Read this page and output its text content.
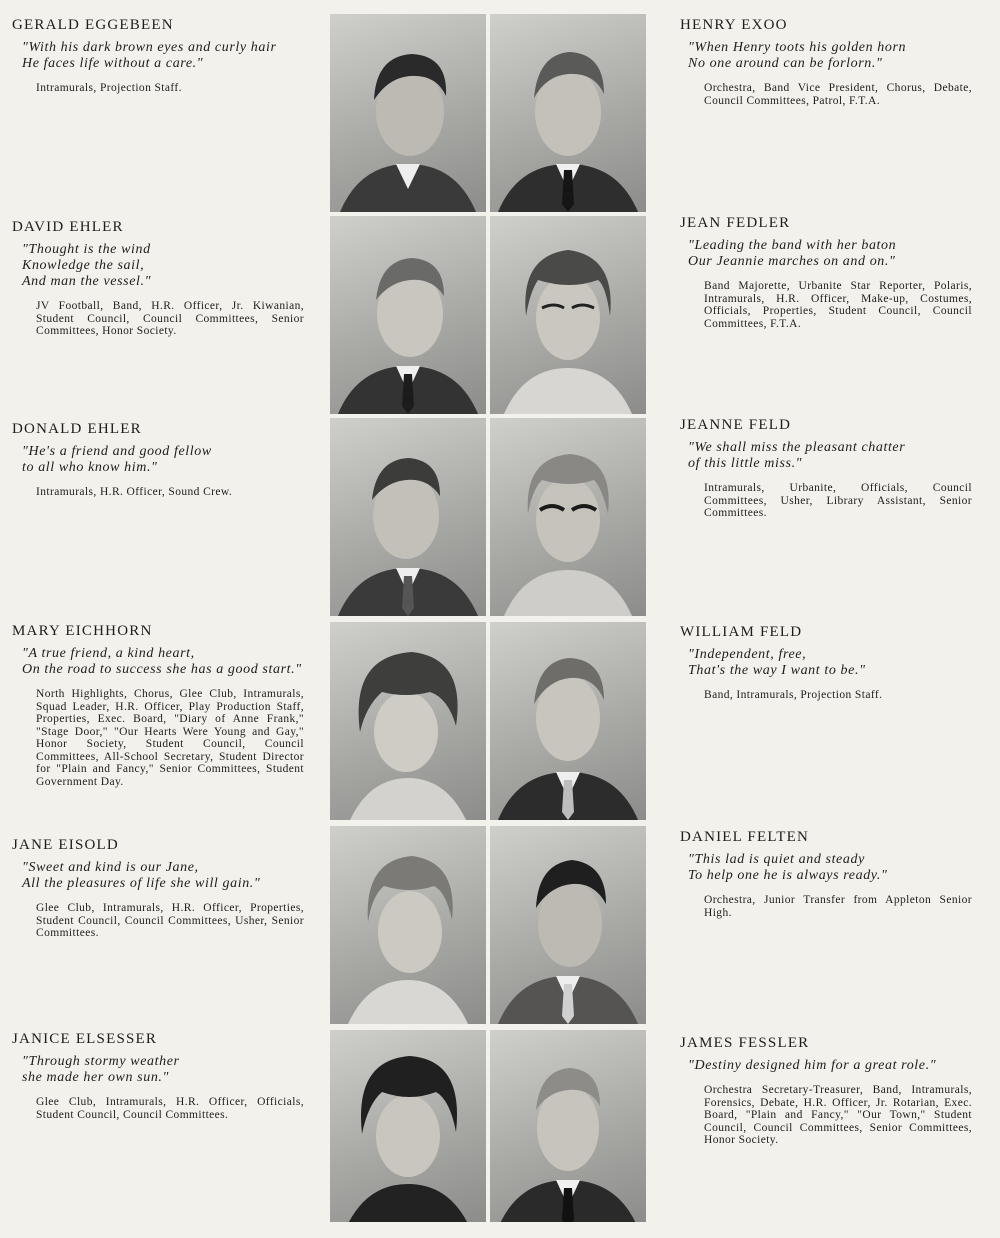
GERALD EGGEBEEN
"With his dark brown eyes and curly hair
He faces life without a care."
Intramurals, Projection Staff.
DAVID EHLER
"Thought is the wind
Knowledge the sail,
And man the vessel."
JV Football, Band, H.R. Officer, Jr. Kiwanian, Student Council, Council Committees, Senior Committees, Honor Society.
DONALD EHLER
"He's a friend and good fellow
to all who know him."
Intramurals, H.R. Officer, Sound Crew.
MARY EICHHORN
"A true friend, a kind heart,
On the road to success she has a good start."
North Highlights, Chorus, Glee Club, Intramurals, Squad Leader, H.R. Officer, Play Production Staff, Properties, Exec. Board, "Diary of Anne Frank," "Stage Door," "Our Hearts Were Young and Gay," Honor Society, Student Council, Council Committees, All-School Secretary, Student Director for "Plain and Fancy," Senior Committees, Student Government Day.
JANE EISOLD
"Sweet and kind is our Jane,
All the pleasures of life she will gain."
Glee Club, Intramurals, H.R. Officer, Properties, Student Council, Council Committees, Usher, Senior Committees.
JANICE ELSESSER
"Through stormy weather
she made her own sun."
Glee Club, Intramurals, H.R. Officer, Officials, Student Council, Council Committees.
HENRY EXOO
"When Henry toots his golden horn
No one around can be forlorn."
Orchestra, Band Vice President, Chorus, Debate, Council Committees, Patrol, F.T.A.
JEAN FEDLER
"Leading the band with her baton
Our Jeannie marches on and on."
Band Majorette, Urbanite Star Reporter, Polaris, Intramurals, H.R. Officer, Make-up, Costumes, Officials, Properties, Student Council, Council Committees, F.T.A.
JEANNE FELD
"We shall miss the pleasant chatter
of this little miss."
Intramurals, Urbanite, Officials, Council Committees, Usher, Library Assistant, Senior Committees.
WILLIAM FELD
"Independent, free,
That's the way I want to be."
Band, Intramurals, Projection Staff.
DANIEL FELTEN
"This lad is quiet and steady
To help one he is always ready."
Orchestra, Junior Transfer from Appleton Senior High.
JAMES FESSLER
"Destiny designed him for a great role."
Orchestra Secretary-Treasurer, Band, Intramurals, Forensics, Debate, H.R. Officer, Jr. Rotarian, Exec. Board, "Plain and Fancy," "Our Town," Student Council, Council Committees, Senior Committees, Honor Society.
